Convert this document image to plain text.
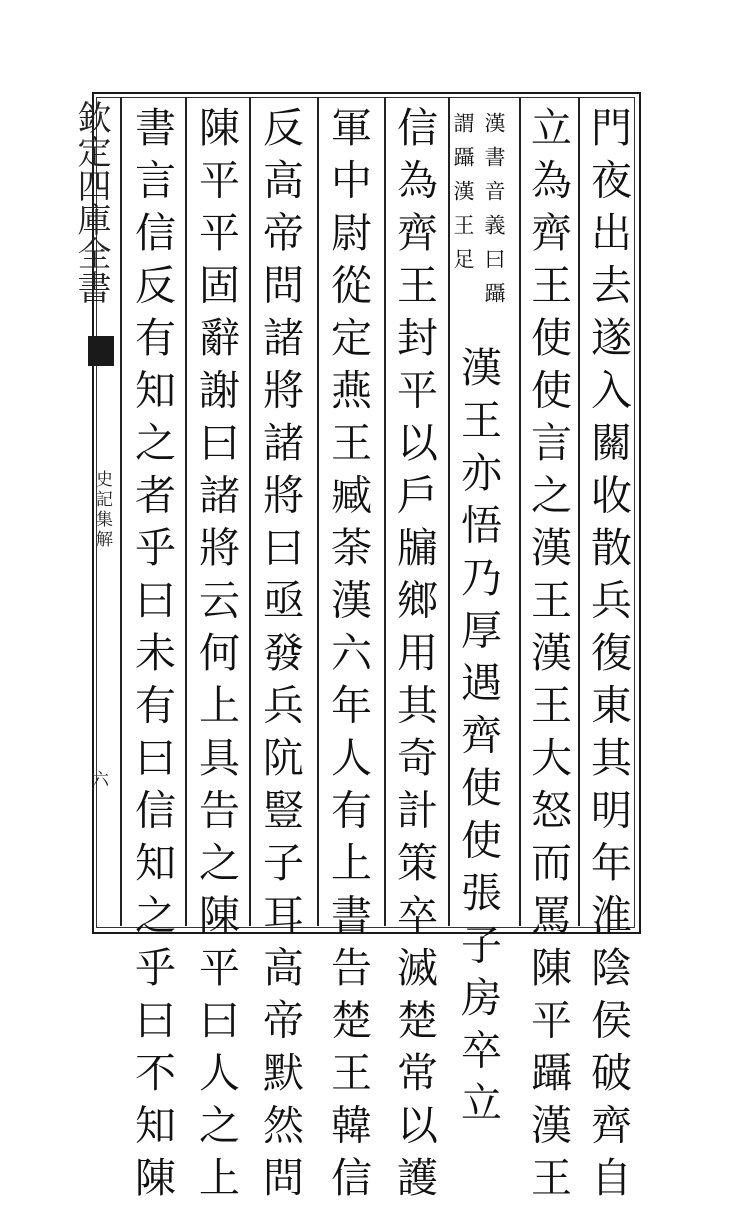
門夜出去遂入關收散兵復東其明年淮陰侯破齊自
立為齊王使使言之漢王漢王大怒而罵陳平躡漢王
漢書音義曰躡
謂躡漢王足
漢王亦悟乃厚遇齊使使張子房卒立
信為齊王封平以戶牖鄉用其奇計策卒滅楚常以護
軍中尉從定燕王臧荼漢六年人有上書告楚王韓信
反高帝問諸將諸將曰亟發兵阬豎子耳高帝默然問
陳平平固辭謝曰諸將云何上具告之陳平曰人之上
書言信反有知之者乎曰未有曰信知之乎曰不知陳
欽定四庫全書
史記集解
六
